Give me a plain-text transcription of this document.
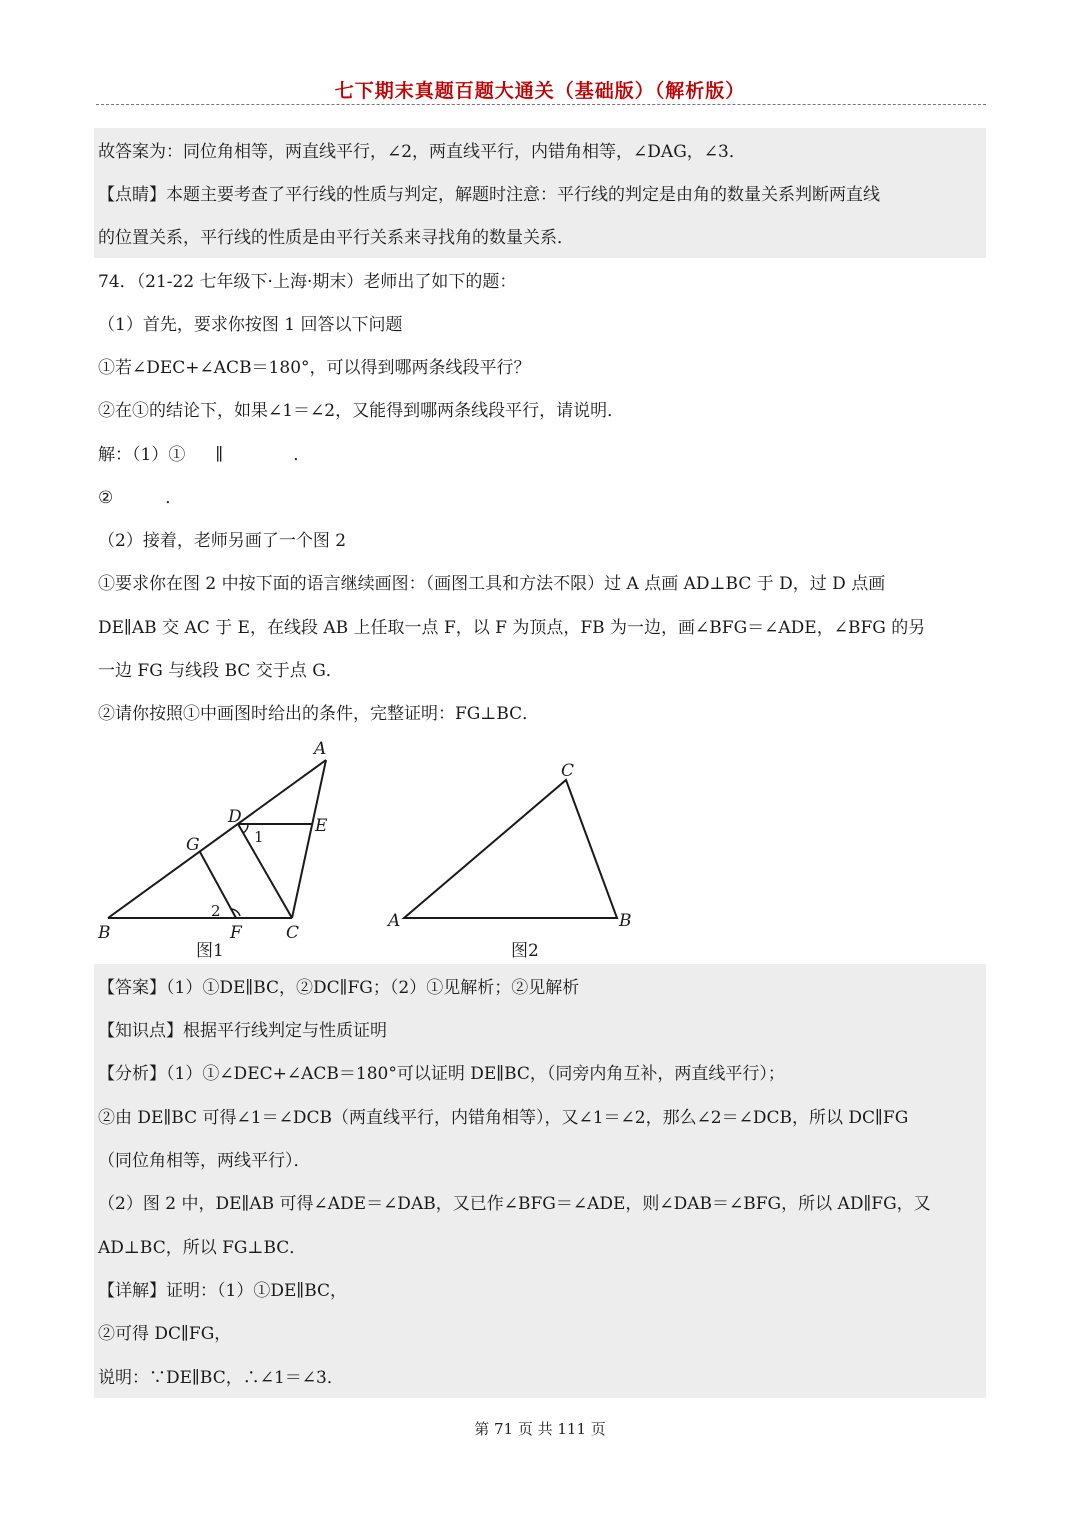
七下期末真题百题大通关（基础版）（解析版）
故答案为：同位角相等，两直线平行，∠2，两直线平行，内错角相等，∠DAG，∠3．
【点睛】本题主要考查了平行线的性质与判定，解题时注意：平行线的判定是由角的数量关系判断两直线
的位置关系，平行线的性质是由平行关系来寻找角的数量关系．
74．（21-22 七年级下·上海·期末）老师出了如下的题：
（1）首先，要求你按图 1 回答以下问题
①若∠DEC+∠ACB＝180°，可以得到哪两条线段平行？
②在①的结论下，如果∠1＝∠2，又能得到哪两条线段平行，请说明．
解：（1）① ∥	．
②	．
（2）接着，老师另画了一个图 2
①要求你在图 2 中按下面的语言继续画图：（画图工具和方法不限）过 A 点画 AD⊥BC 于 D，过 D 点画
DE∥AB 交 AC 于 E，在线段 AB 上任取一点 F，以 F 为顶点，FB 为一边，画∠BFG＝∠ADE，∠BFG 的另
一边 FG 与线段 BC 交于点 G．
②请你按照①中画图时给出的条件，完整证明：FG⊥BC．
A
D	E
G
B	F	C
1
2
图1
C
A	B
图2
【答案】（1）①DE∥BC，②DC∥FG；（2）①见解析；②见解析
【知识点】根据平行线判定与性质证明
【分析】（1）①∠DEC+∠ACB＝180°可以证明 DE∥BC，（同旁内角互补，两直线平行）；
②由 DE∥BC 可得∠1＝∠DCB（两直线平行，内错角相等），又∠1＝∠2，那么∠2＝∠DCB，所以 DC∥FG
（同位角相等，两线平行）．
（2）图 2 中，DE∥AB 可得∠ADE＝∠DAB，又已作∠BFG＝∠ADE，则∠DAB＝∠BFG，所以 AD∥FG，又
AD⊥BC，所以 FG⊥BC．
【详解】证明：（1）①DE∥BC，
②可得 DC∥FG，
说明：∵DE∥BC，∴∠1＝∠3．
第 71 页 共 111 页
